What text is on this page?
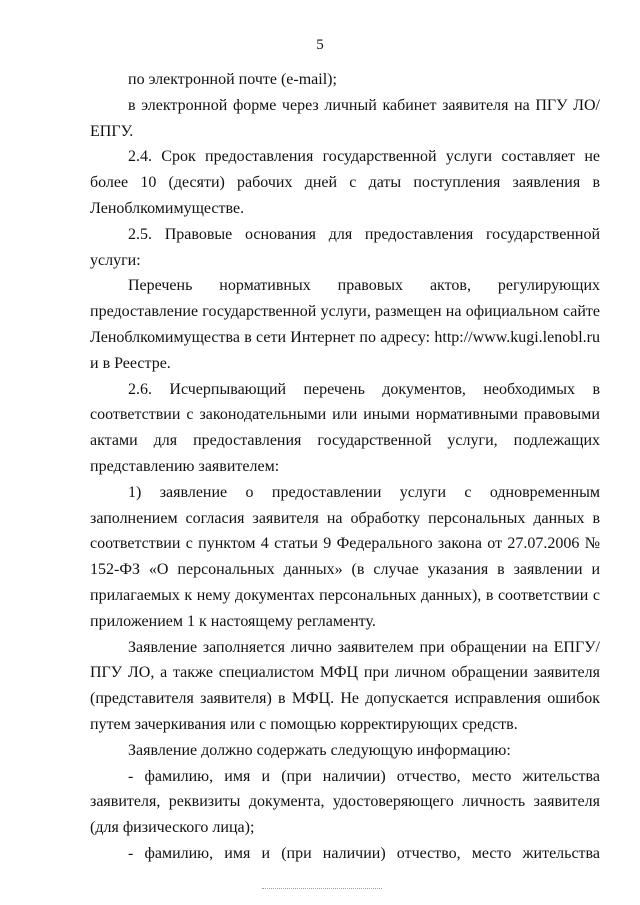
5

по электронной почте (e-mail);

в электронной форме через личный кабинет заявителя на ПГУ ЛО/ЕПГУ.

2.4. Срок предоставления государственной услуги составляет не более 10 (десяти) рабочих дней с даты поступления заявления в Леноблкомимуществе.

2.5. Правовые основания для предоставления государственной услуги:

Перечень нормативных правовых актов, регулирующих предоставление государственной услуги, размещен на официальном сайте Леноблкомимущества в сети Интернет по адресу: http://www.kugi.lenobl.ru и в Реестре.

2.6. Исчерпывающий перечень документов, необходимых в соответствии с законодательными или иными нормативными правовыми актами для предоставления государственной услуги, подлежащих представлению заявителем:

1) заявление о предоставлении услуги с одновременным заполнением согласия заявителя на обработку персональных данных в соответствии с пунктом 4 статьи 9 Федерального закона от 27.07.2006 № 152-ФЗ «О персональных данных» (в случае указания в заявлении и прилагаемых к нему документах персональных данных), в соответствии с приложением 1 к настоящему регламенту.

Заявление заполняется лично заявителем при обращении на ЕПГУ/ПГУ ЛО, а также специалистом МФЦ при личном обращении заявителя (представителя заявителя) в МФЦ. Не допускается исправления ошибок путем зачеркивания или с помощью корректирующих средств.

Заявление должно содержать следующую информацию:

- фамилию, имя и (при наличии) отчество, место жительства заявителя, реквизиты документа, удостоверяющего личность заявителя (для физического лица);

- фамилию, имя и (при наличии) отчество, место жительства
